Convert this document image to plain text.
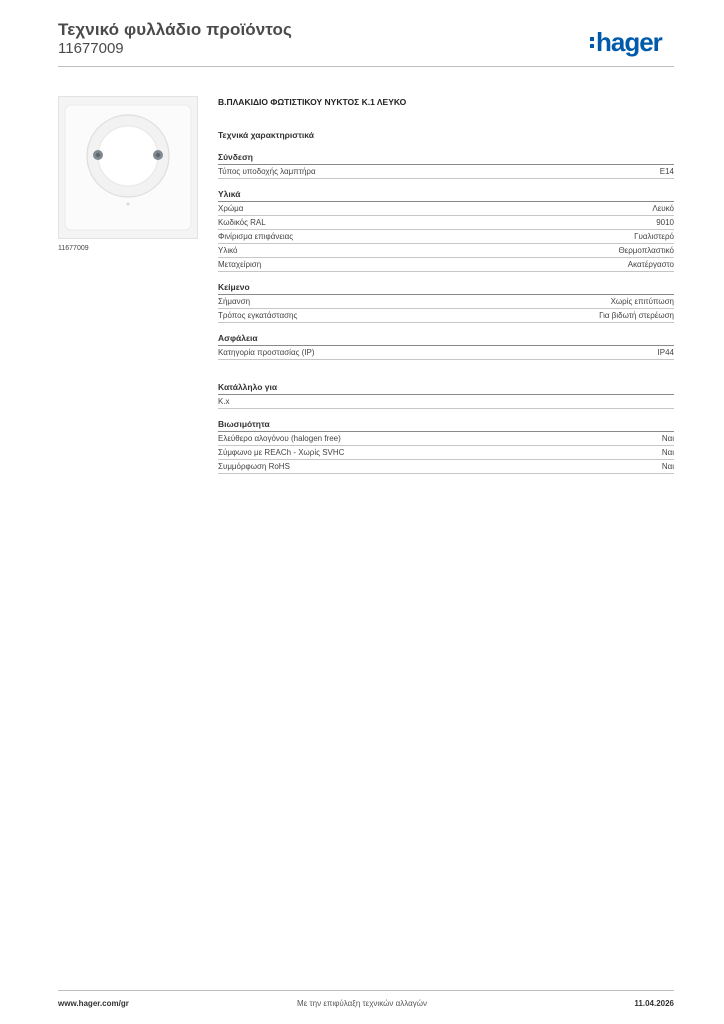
Τεχνικό φυλλάδιο προϊόντος
11677009	hager
11677009
Β.ΠΛΑΚΙΔΙΟ ΦΩΤΙΣΤΙΚΟΥ ΝΥΚΤΟΣ Κ.1 ΛΕΥΚΟ
Τεχνικά χαρακτηριστικά
Σύνδεση
Τύπος υποδοχής λαμπτήρα	E14
Υλικά
Χρώμα	Λευκό
Κωδικός RAL	9010
Φινίρισμα επιφάνειας	Γυαλιστερό
Υλικό	Θερμοπλαστικό
Μεταχείριση	Ακατέργαστο
Κείμενο
Σήμανση	Χωρίς επιτύπωση
Τρόπος εγκατάστασης	Για βιδωτή στερέωση
Ασφάλεια
Κατηγορία προστασίας (IP)	IP44
Κατάλληλο για
K.x
Βιωσιμότητα
Ελεύθερο αλογόνου (halogen free)	Ναι
Σύμφωνο με REACh - Χωρίς SVHC	Ναι
Συμμόρφωση RoHS	Ναι
www.hager.com/gr	Με την επιφύλαξη τεχνικών αλλαγών	11.04.2026
